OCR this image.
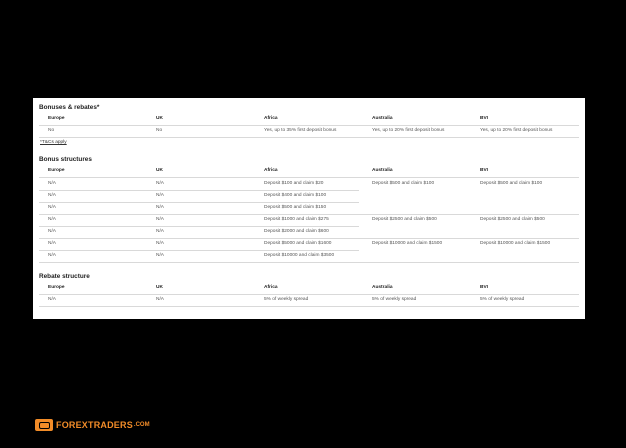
Bonuses & rebates*
Europe	UK	Africa	Australia	BVI
No	No	Yes, up to 35% first deposit bonus	Yes, up to 20% first deposit bonus	Yes, up to 20% first deposit bonus
*T&Cs apply
Bonus structures
Europe	UK	Africa	Australia	BVI
N/A	N/A	Deposit $100 and claim $20	Deposit $500 and claim $100	Deposit $500 and claim $100
N/A	N/A	Deposit $400 and claim $100
N/A	N/A	Deposit $500 and claim $150
N/A	N/A	Deposit $1000 and claim $275	Deposit $2500 and claim $500	Deposit $2500 and claim $500
N/A	N/A	Deposit $2000 and claim $600
N/A	N/A	Deposit $5000 and claim $1600	Deposit $10000 and claim $1500	Deposit $10000 and claim $1500
N/A	N/A	Deposit $10000 and claim $3500
Rebate structure
Europe	UK	Africa	Australia	BVI
N/A	N/A	5% of weekly spread	5% of weekly spread	5% of weekly spread
FOREXTRADERS .COM
